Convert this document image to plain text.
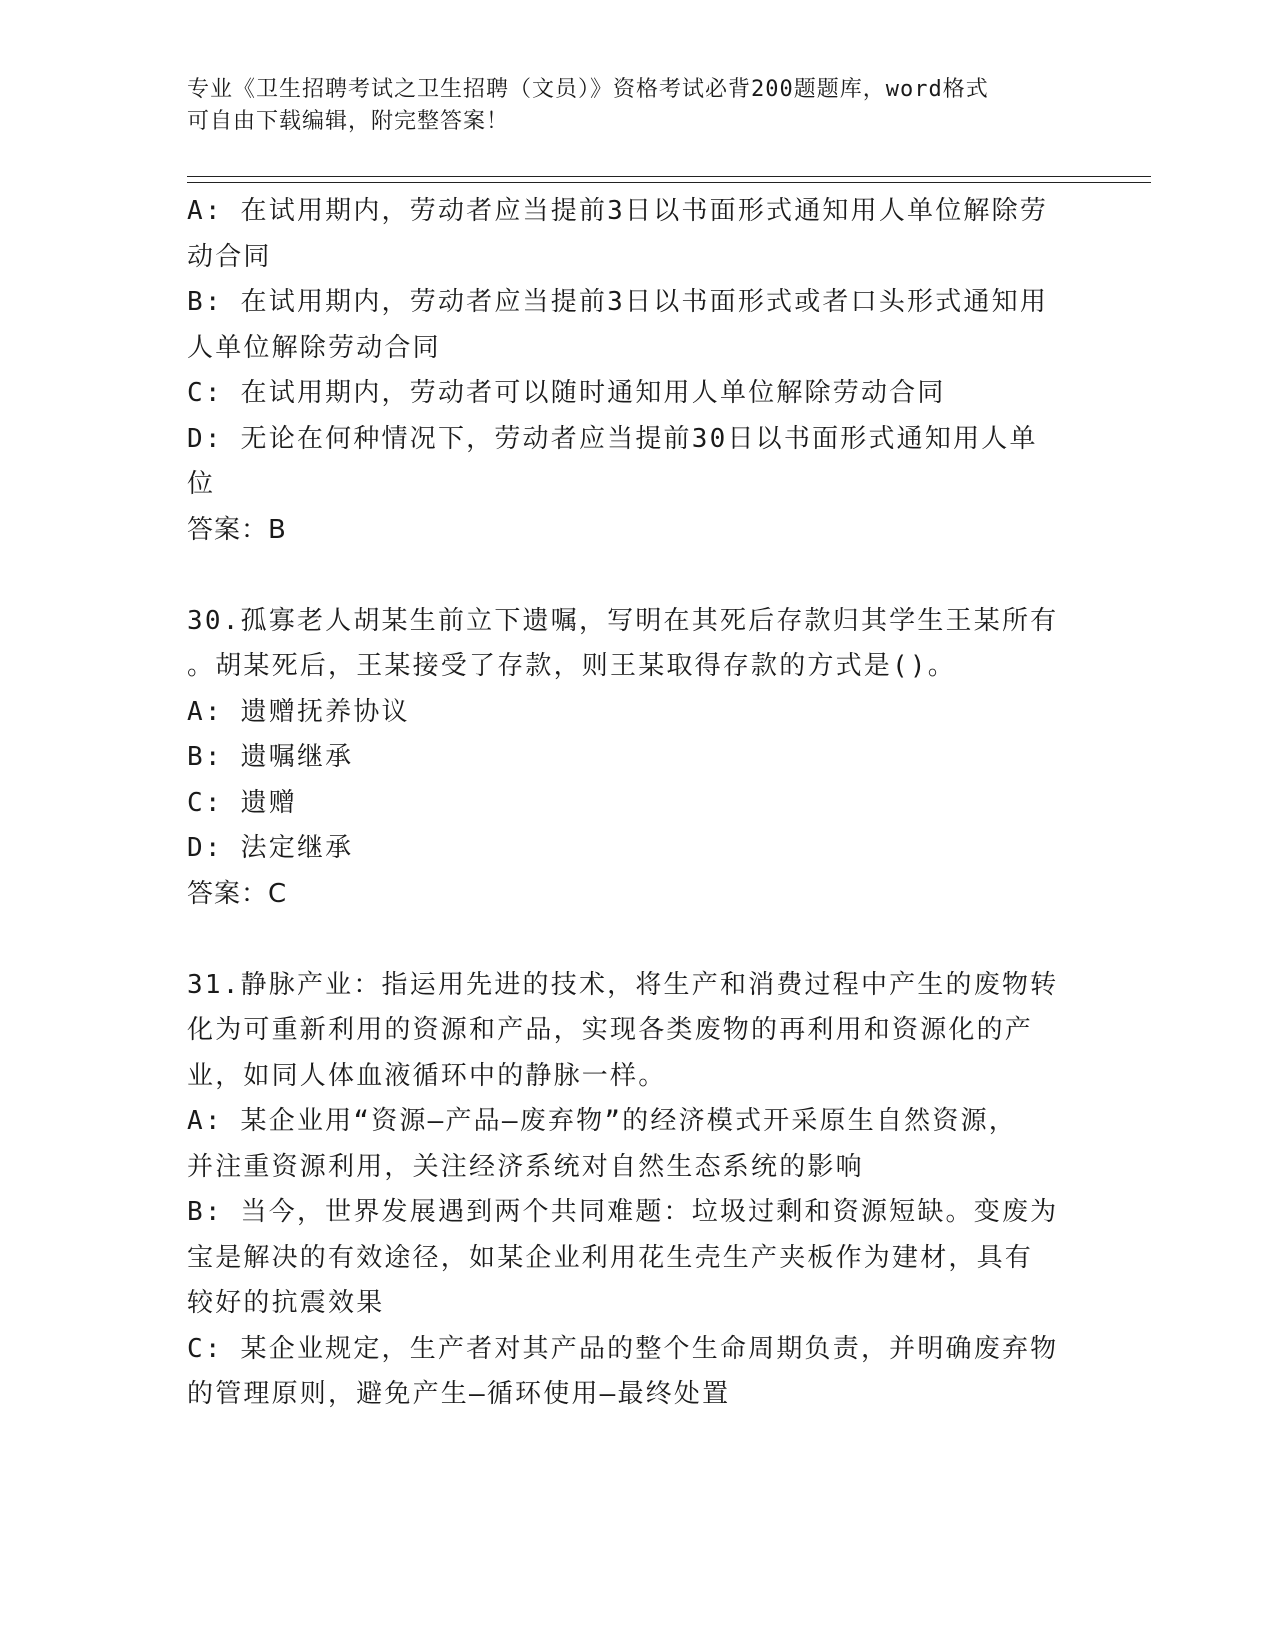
专业《卫生招聘考试之卫生招聘（文员）》资格考试必背200题题库，word格式
可自由下载编辑，附完整答案！
A: 在试用期内，劳动者应当提前3日以书面形式通知用人单位解除劳
动合同
B: 在试用期内，劳动者应当提前3日以书面形式或者口头形式通知用
人单位解除劳动合同
C: 在试用期内，劳动者可以随时通知用人单位解除劳动合同
D: 无论在何种情况下，劳动者应当提前30日以书面形式通知用人单
位
答案：B
30.孤寡老人胡某生前立下遗嘱，写明在其死后存款归其学生王某所有
。胡某死后，王某接受了存款，则王某取得存款的方式是()。
A: 遗赠抚养协议
B: 遗嘱继承
C: 遗赠
D: 法定继承
答案：C
31.静脉产业：指运用先进的技术，将生产和消费过程中产生的废物转
化为可重新利用的资源和产品，实现各类废物的再利用和资源化的产
业，如同人体血液循环中的静脉一样。
A: 某企业用“资源—产品—废弃物”的经济模式开采原生自然资源，
并注重资源利用，关注经济系统对自然生态系统的影响
B: 当今，世界发展遇到两个共同难题：垃圾过剩和资源短缺。变废为
宝是解决的有效途径，如某企业利用花生壳生产夹板作为建材，具有
较好的抗震效果
C: 某企业规定，生产者对其产品的整个生命周期负责，并明确废弃物
的管理原则，避免产生—循环使用—最终处置
